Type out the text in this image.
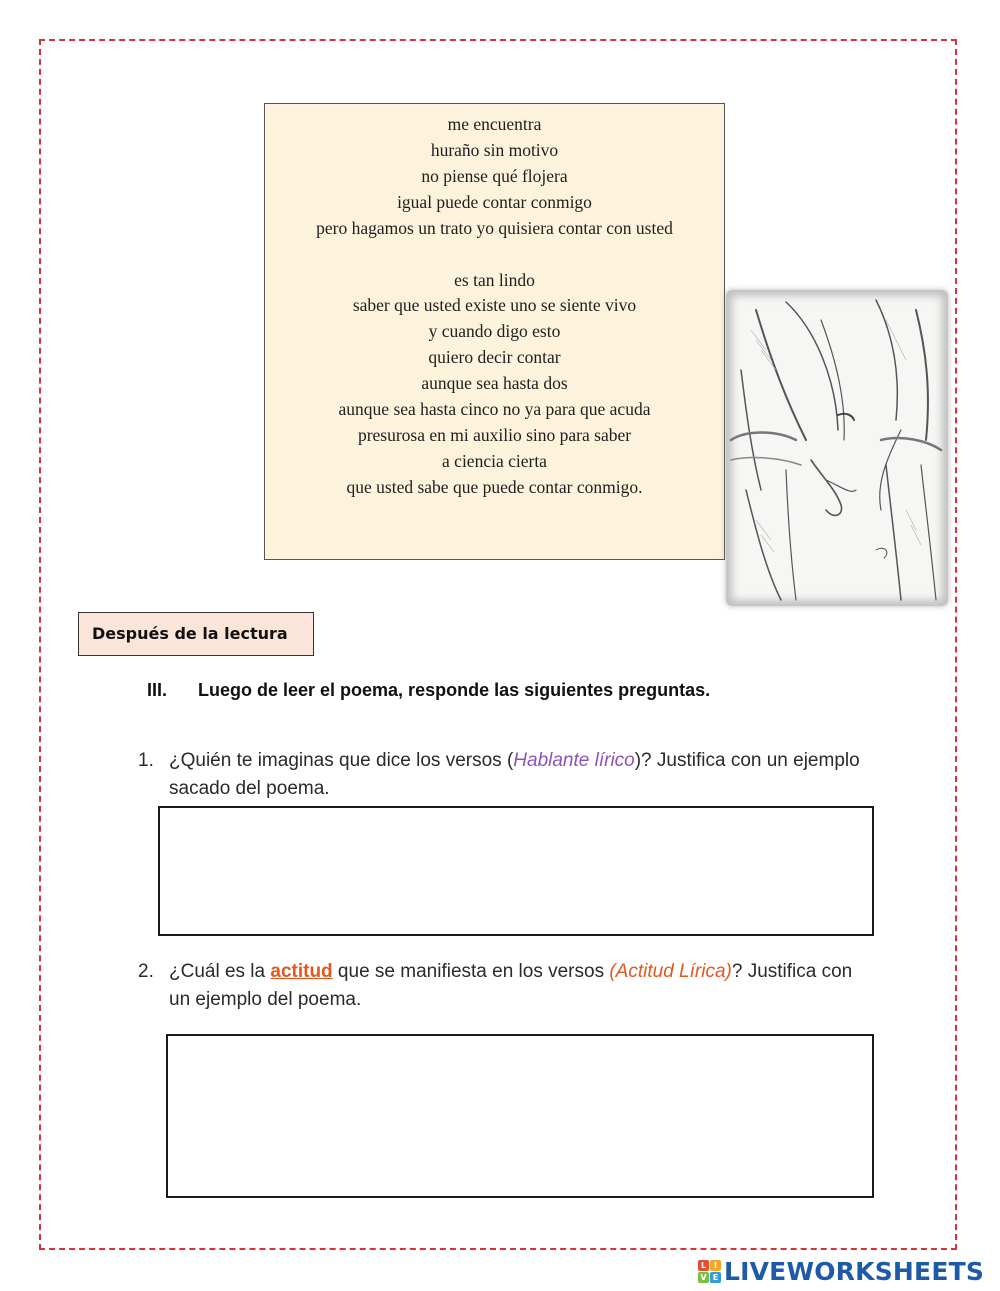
me encuentra
huraño sin motivo
no piense qué flojera
igual puede contar conmigo
pero hagamos un trato yo quisiera contar con usted
es tan lindo
saber que usted existe uno se siente vivo
y cuando digo esto
quiero decir contar
aunque sea hasta dos
aunque sea hasta cinco no ya para que acuda
presurosa en mi auxilio sino para saber
a ciencia cierta
que usted sabe que puede contar conmigo.
Después de la lectura
III. Luego de leer el poema, responde las siguientes preguntas.
1. ¿Quién te imaginas que dice los versos (Hablante lírico)? Justifica con un ejemplo sacado del poema.
2. ¿Cuál es la actitud que se manifiesta en los versos (Actitud Lírica)? Justifica con un ejemplo del poema.
L I
V E LIVEWORKSHEETS
